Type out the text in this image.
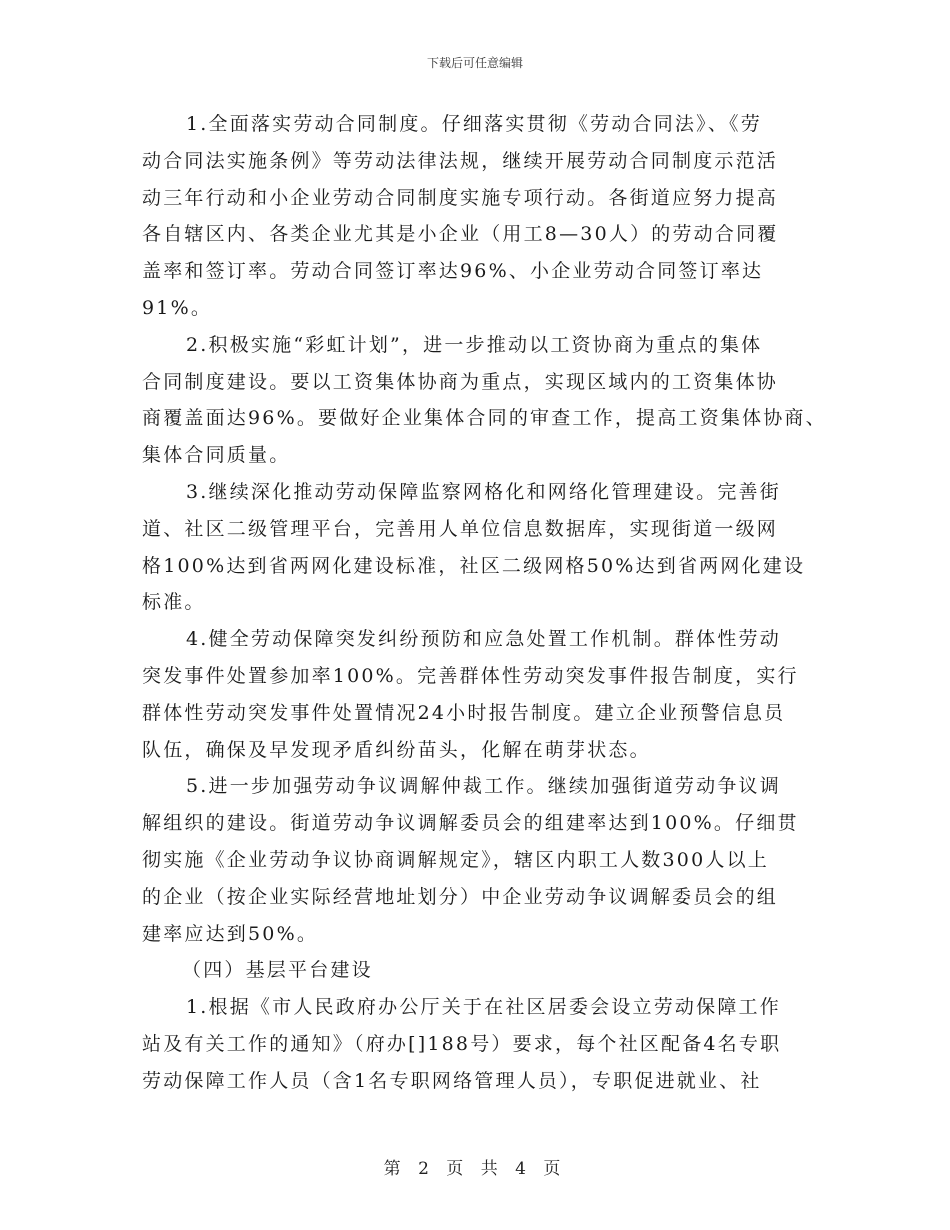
下载后可任意编辑
1.全面落实劳动合同制度。仔细落实贯彻《劳动合同法》、《劳
动合同法实施条例》等劳动法律法规，继续开展劳动合同制度示范活
动三年行动和小企业劳动合同制度实施专项行动。各街道应努力提高
各自辖区内、各类企业尤其是小企业（用工8—30人）的劳动合同覆
盖率和签订率。劳动合同签订率达96%、小企业劳动合同签订率达
91%。
2.积极实施“彩虹计划”，进一步推动以工资协商为重点的集体
合同制度建设。要以工资集体协商为重点，实现区域内的工资集体协
商覆盖面达96%。要做好企业集体合同的审查工作，提高工资集体协商、
集体合同质量。
3.继续深化推动劳动保障监察网格化和网络化管理建设。完善街
道、社区二级管理平台，完善用人单位信息数据库，实现街道一级网
格100%达到省两网化建设标准，社区二级网格50%达到省两网化建设
标准。
4.健全劳动保障突发纠纷预防和应急处置工作机制。群体性劳动
突发事件处置参加率100%。完善群体性劳动突发事件报告制度，实行
群体性劳动突发事件处置情况24小时报告制度。建立企业预警信息员
队伍，确保及早发现矛盾纠纷苗头，化解在萌芽状态。
5.进一步加强劳动争议调解仲裁工作。继续加强街道劳动争议调
解组织的建设。街道劳动争议调解委员会的组建率达到100%。仔细贯
彻实施《企业劳动争议协商调解规定》，辖区内职工人数300人以上
的企业（按企业实际经营地址划分）中企业劳动争议调解委员会的组
建率应达到50%。
（四）基层平台建设
1.根据《市人民政府办公厅关于在社区居委会设立劳动保障工作
站及有关工作的通知》（府办[]188号）要求，每个社区配备4名专职
劳动保障工作人员（含1名专职网络管理人员），专职促进就业、社
第 2 页 共 4 页
